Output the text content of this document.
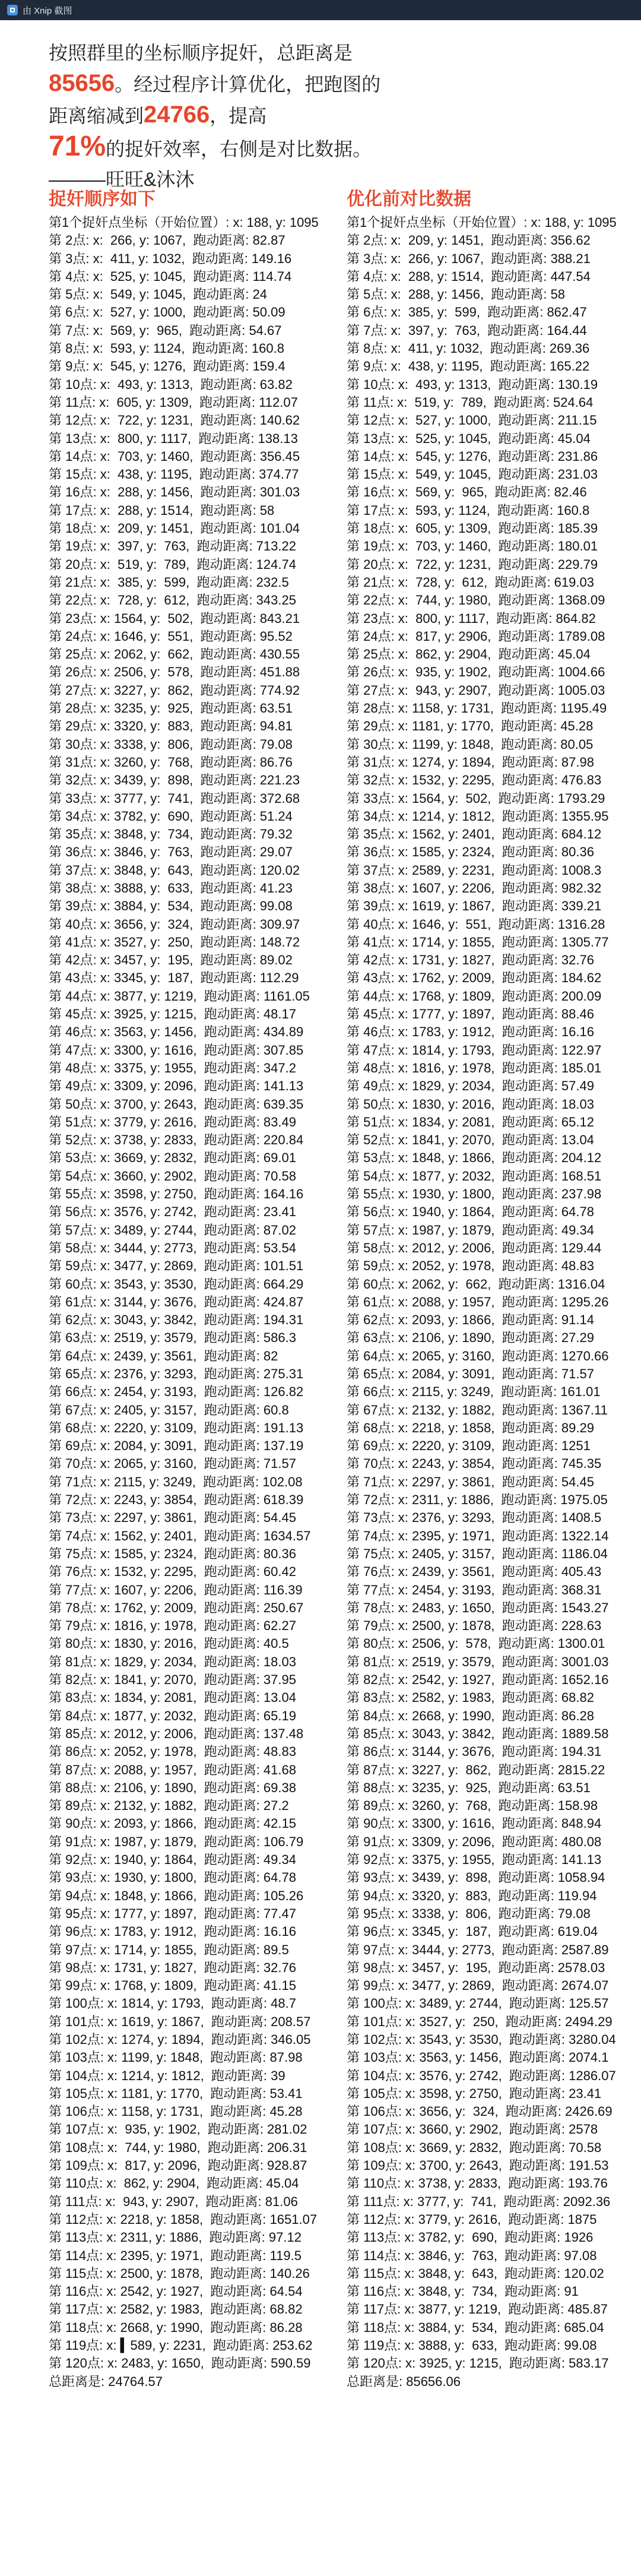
由 Xnip 截图
按照群里的坐标顺序捉奸，总距离是85656。经过程序计算优化，把跑图的距离缩减到24766，提高
71%的捉奸效率，右侧是对比数据。———旺旺&沐沐
捉奸顺序如下
第1个捉奸点坐标（开始位置）: x: 188, y: 1095
第 2点: x:  266, y: 1067,  跑动距离: 82.87
第 3点: x:  411, y: 1032,  跑动距离: 149.16
第 4点: x:  525, y: 1045,  跑动距离: 114.74
第 5点: x:  549, y: 1045,  跑动距离: 24
第 6点: x:  527, y: 1000,  跑动距离: 50.09
第 7点: x:  569, y:  965,  跑动距离: 54.67
第 8点: x:  593, y: 1124,  跑动距离: 160.8
第 9点: x:  545, y: 1276,  跑动距离: 159.4
第 10点: x:  493, y: 1313,  跑动距离: 63.82
第 11点: x:  605, y: 1309,  跑动距离: 112.07
第 12点: x:  722, y: 1231,  跑动距离: 140.62
第 13点: x:  800, y: 1117,  跑动距离: 138.13
第 14点: x:  703, y: 1460,  跑动距离: 356.45
第 15点: x:  438, y: 1195,  跑动距离: 374.77
第 16点: x:  288, y: 1456,  跑动距离: 301.03
第 17点: x:  288, y: 1514,  跑动距离: 58
第 18点: x:  209, y: 1451,  跑动距离: 101.04
第 19点: x:  397, y:  763,  跑动距离: 713.22
第 20点: x:  519, y:  789,  跑动距离: 124.74
第 21点: x:  385, y:  599,  跑动距离: 232.5
第 22点: x:  728, y:  612,  跑动距离: 343.25
第 23点: x: 1564, y:  502,  跑动距离: 843.21
第 24点: x: 1646, y:  551,  跑动距离: 95.52
第 25点: x: 2062, y:  662,  跑动距离: 430.55
第 26点: x: 2506, y:  578,  跑动距离: 451.88
第 27点: x: 3227, y:  862,  跑动距离: 774.92
第 28点: x: 3235, y:  925,  跑动距离: 63.51
第 29点: x: 3320, y:  883,  跑动距离: 94.81
第 30点: x: 3338, y:  806,  跑动距离: 79.08
第 31点: x: 3260, y:  768,  跑动距离: 86.76
第 32点: x: 3439, y:  898,  跑动距离: 221.23
第 33点: x: 3777, y:  741,  跑动距离: 372.68
第 34点: x: 3782, y:  690,  跑动距离: 51.24
第 35点: x: 3848, y:  734,  跑动距离: 79.32
第 36点: x: 3846, y:  763,  跑动距离: 29.07
第 37点: x: 3848, y:  643,  跑动距离: 120.02
第 38点: x: 3888, y:  633,  跑动距离: 41.23
第 39点: x: 3884, y:  534,  跑动距离: 99.08
第 40点: x: 3656, y:  324,  跑动距离: 309.97
第 41点: x: 3527, y:  250,  跑动距离: 148.72
第 42点: x: 3457, y:  195,  跑动距离: 89.02
第 43点: x: 3345, y:  187,  跑动距离: 112.29
第 44点: x: 3877, y: 1219,  跑动距离: 1161.05
第 45点: x: 3925, y: 1215,  跑动距离: 48.17
第 46点: x: 3563, y: 1456,  跑动距离: 434.89
第 47点: x: 3300, y: 1616,  跑动距离: 307.85
第 48点: x: 3375, y: 1955,  跑动距离: 347.2
第 49点: x: 3309, y: 2096,  跑动距离: 141.13
第 50点: x: 3700, y: 2643,  跑动距离: 639.35
第 51点: x: 3779, y: 2616,  跑动距离: 83.49
第 52点: x: 3738, y: 2833,  跑动距离: 220.84
第 53点: x: 3669, y: 2832,  跑动距离: 69.01
第 54点: x: 3660, y: 2902,  跑动距离: 70.58
第 55点: x: 3598, y: 2750,  跑动距离: 164.16
第 56点: x: 3576, y: 2742,  跑动距离: 23.41
第 57点: x: 3489, y: 2744,  跑动距离: 87.02
第 58点: x: 3444, y: 2773,  跑动距离: 53.54
第 59点: x: 3477, y: 2869,  跑动距离: 101.51
第 60点: x: 3543, y: 3530,  跑动距离: 664.29
第 61点: x: 3144, y: 3676,  跑动距离: 424.87
第 62点: x: 3043, y: 3842,  跑动距离: 194.31
第 63点: x: 2519, y: 3579,  跑动距离: 586.3
第 64点: x: 2439, y: 3561,  跑动距离: 82
第 65点: x: 2376, y: 3293,  跑动距离: 275.31
第 66点: x: 2454, y: 3193,  跑动距离: 126.82
第 67点: x: 2405, y: 3157,  跑动距离: 60.8
第 68点: x: 2220, y: 3109,  跑动距离: 191.13
第 69点: x: 2084, y: 3091,  跑动距离: 137.19
第 70点: x: 2065, y: 3160,  跑动距离: 71.57
第 71点: x: 2115, y: 3249,  跑动距离: 102.08
第 72点: x: 2243, y: 3854,  跑动距离: 618.39
第 73点: x: 2297, y: 3861,  跑动距离: 54.45
第 74点: x: 1562, y: 2401,  跑动距离: 1634.57
第 75点: x: 1585, y: 2324,  跑动距离: 80.36
第 76点: x: 1532, y: 2295,  跑动距离: 60.42
第 77点: x: 1607, y: 2206,  跑动距离: 116.39
第 78点: x: 1762, y: 2009,  跑动距离: 250.67
第 79点: x: 1816, y: 1978,  跑动距离: 62.27
第 80点: x: 1830, y: 2016,  跑动距离: 40.5
第 81点: x: 1829, y: 2034,  跑动距离: 18.03
第 82点: x: 1841, y: 2070,  跑动距离: 37.95
第 83点: x: 1834, y: 2081,  跑动距离: 13.04
第 84点: x: 1877, y: 2032,  跑动距离: 65.19
第 85点: x: 2012, y: 2006,  跑动距离: 137.48
第 86点: x: 2052, y: 1978,  跑动距离: 48.83
第 87点: x: 2088, y: 1957,  跑动距离: 41.68
第 88点: x: 2106, y: 1890,  跑动距离: 69.38
第 89点: x: 2132, y: 1882,  跑动距离: 27.2
第 90点: x: 2093, y: 1866,  跑动距离: 42.15
第 91点: x: 1987, y: 1879,  跑动距离: 106.79
第 92点: x: 1940, y: 1864,  跑动距离: 49.34
第 93点: x: 1930, y: 1800,  跑动距离: 64.78
第 94点: x: 1848, y: 1866,  跑动距离: 105.26
第 95点: x: 1777, y: 1897,  跑动距离: 77.47
第 96点: x: 1783, y: 1912,  跑动距离: 16.16
第 97点: x: 1714, y: 1855,  跑动距离: 89.5
第 98点: x: 1731, y: 1827,  跑动距离: 32.76
第 99点: x: 1768, y: 1809,  跑动距离: 41.15
第 100点: x: 1814, y: 1793,  跑动距离: 48.7
第 101点: x: 1619, y: 1867,  跑动距离: 208.57
第 102点: x: 1274, y: 1894,  跑动距离: 346.05
第 103点: x: 1199, y: 1848,  跑动距离: 87.98
第 104点: x: 1214, y: 1812,  跑动距离: 39
第 105点: x: 1181, y: 1770,  跑动距离: 53.41
第 106点: x: 1158, y: 1731,  跑动距离: 45.28
第 107点: x:  935, y: 1902,  跑动距离: 281.02
第 108点: x:  744, y: 1980,  跑动距离: 206.31
第 109点: x:  817, y: 2096,  跑动距离: 928.87
第 110点: x:  862, y: 2904,  跑动距离: 45.04
第 111点: x:  943, y: 2907,  跑动距离: 81.06
第 112点: x: 2218, y: 1858,  跑动距离: 1651.07
第 113点: x: 2311, y: 1886,  跑动距离: 97.12
第 114点: x: 2395, y: 1971,  跑动距离: 119.5
第 115点: x: 2500, y: 1878,  跑动距离: 140.26
第 116点: x: 2542, y: 1927,  跑动距离: 64.54
第 117点: x: 2582, y: 1983,  跑动距离: 68.82
第 118点: x: 2668, y: 1990,  跑动距离: 86.28
第 119点: x: ▍589, y: 2231,  跑动距离: 253.62
第 120点: x: 2483, y: 1650,  跑动距离: 590.59
总距离是: 24764.57
优化前对比数据
第1个捉奸点坐标（开始位置）: x: 188, y: 1095
第 2点: x:  209, y: 1451,  跑动距离: 356.62
第 3点: x:  266, y: 1067,  跑动距离: 388.21
第 4点: x:  288, y: 1514,  跑动距离: 447.54
第 5点: x:  288, y: 1456,  跑动距离: 58
第 6点: x:  385, y:  599,  跑动距离: 862.47
第 7点: x:  397, y:  763,  跑动距离: 164.44
第 8点: x:  411, y: 1032,  跑动距离: 269.36
第 9点: x:  438, y: 1195,  跑动距离: 165.22
第 10点: x:  493, y: 1313,  跑动距离: 130.19
第 11点: x:  519, y:  789,  跑动距离: 524.64
第 12点: x:  527, y: 1000,  跑动距离: 211.15
第 13点: x:  525, y: 1045,  跑动距离: 45.04
第 14点: x:  545, y: 1276,  跑动距离: 231.86
第 15点: x:  549, y: 1045,  跑动距离: 231.03
第 16点: x:  569, y:  965,  跑动距离: 82.46
第 17点: x:  593, y: 1124,  跑动距离: 160.8
第 18点: x:  605, y: 1309,  跑动距离: 185.39
第 19点: x:  703, y: 1460,  跑动距离: 180.01
第 20点: x:  722, y: 1231,  跑动距离: 229.79
第 21点: x:  728, y:  612,  跑动距离: 619.03
第 22点: x:  744, y: 1980,  跑动距离: 1368.09
第 23点: x:  800, y: 1117,  跑动距离: 864.82
第 24点: x:  817, y: 2906,  跑动距离: 1789.08
第 25点: x:  862, y: 2904,  跑动距离: 45.04
第 26点: x:  935, y: 1902,  跑动距离: 1004.66
第 27点: x:  943, y: 2907,  跑动距离: 1005.03
第 28点: x: 1158, y: 1731,  跑动距离: 1195.49
第 29点: x: 1181, y: 1770,  跑动距离: 45.28
第 30点: x: 1199, y: 1848,  跑动距离: 80.05
第 31点: x: 1274, y: 1894,  跑动距离: 87.98
第 32点: x: 1532, y: 2295,  跑动距离: 476.83
第 33点: x: 1564, y:  502,  跑动距离: 1793.29
第 34点: x: 1214, y: 1812,  跑动距离: 1355.95
第 35点: x: 1562, y: 2401,  跑动距离: 684.12
第 36点: x: 1585, y: 2324,  跑动距离: 80.36
第 37点: x: 2589, y: 2231,  跑动距离: 1008.3
第 38点: x: 1607, y: 2206,  跑动距离: 982.32
第 39点: x: 1619, y: 1867,  跑动距离: 339.21
第 40点: x: 1646, y:  551,  跑动距离: 1316.28
第 41点: x: 1714, y: 1855,  跑动距离: 1305.77
第 42点: x: 1731, y: 1827,  跑动距离: 32.76
第 43点: x: 1762, y: 2009,  跑动距离: 184.62
第 44点: x: 1768, y: 1809,  跑动距离: 200.09
第 45点: x: 1777, y: 1897,  跑动距离: 88.46
第 46点: x: 1783, y: 1912,  跑动距离: 16.16
第 47点: x: 1814, y: 1793,  跑动距离: 122.97
第 48点: x: 1816, y: 1978,  跑动距离: 185.01
第 49点: x: 1829, y: 2034,  跑动距离: 57.49
第 50点: x: 1830, y: 2016,  跑动距离: 18.03
第 51点: x: 1834, y: 2081,  跑动距离: 65.12
第 52点: x: 1841, y: 2070,  跑动距离: 13.04
第 53点: x: 1848, y: 1866,  跑动距离: 204.12
第 54点: x: 1877, y: 2032,  跑动距离: 168.51
第 55点: x: 1930, y: 1800,  跑动距离: 237.98
第 56点: x: 1940, y: 1864,  跑动距离: 64.78
第 57点: x: 1987, y: 1879,  跑动距离: 49.34
第 58点: x: 2012, y: 2006,  跑动距离: 129.44
第 59点: x: 2052, y: 1978,  跑动距离: 48.83
第 60点: x: 2062, y:  662,  跑动距离: 1316.04
第 61点: x: 2088, y: 1957,  跑动距离: 1295.26
第 62点: x: 2093, y: 1866,  跑动距离: 91.14
第 63点: x: 2106, y: 1890,  跑动距离: 27.29
第 64点: x: 2065, y: 3160,  跑动距离: 1270.66
第 65点: x: 2084, y: 3091,  跑动距离: 71.57
第 66点: x: 2115, y: 3249,  跑动距离: 161.01
第 67点: x: 2132, y: 1882,  跑动距离: 1367.11
第 68点: x: 2218, y: 1858,  跑动距离: 89.29
第 69点: x: 2220, y: 3109,  跑动距离: 1251
第 70点: x: 2243, y: 3854,  跑动距离: 745.35
第 71点: x: 2297, y: 3861,  跑动距离: 54.45
第 72点: x: 2311, y: 1886,  跑动距离: 1975.05
第 73点: x: 2376, y: 3293,  跑动距离: 1408.5
第 74点: x: 2395, y: 1971,  跑动距离: 1322.14
第 75点: x: 2405, y: 3157,  跑动距离: 1186.04
第 76点: x: 2439, y: 3561,  跑动距离: 405.43
第 77点: x: 2454, y: 3193,  跑动距离: 368.31
第 78点: x: 2483, y: 1650,  跑动距离: 1543.27
第 79点: x: 2500, y: 1878,  跑动距离: 228.63
第 80点: x: 2506, y:  578,  跑动距离: 1300.01
第 81点: x: 2519, y: 3579,  跑动距离: 3001.03
第 82点: x: 2542, y: 1927,  跑动距离: 1652.16
第 83点: x: 2582, y: 1983,  跑动距离: 68.82
第 84点: x: 2668, y: 1990,  跑动距离: 86.28
第 85点: x: 3043, y: 3842,  跑动距离: 1889.58
第 86点: x: 3144, y: 3676,  跑动距离: 194.31
第 87点: x: 3227, y:  862,  跑动距离: 2815.22
第 88点: x: 3235, y:  925,  跑动距离: 63.51
第 89点: x: 3260, y:  768,  跑动距离: 158.98
第 90点: x: 3300, y: 1616,  跑动距离: 848.94
第 91点: x: 3309, y: 2096,  跑动距离: 480.08
第 92点: x: 3375, y: 1955,  跑动距离: 141.13
第 93点: x: 3439, y:  898,  跑动距离: 1058.94
第 94点: x: 3320, y:  883,  跑动距离: 119.94
第 95点: x: 3338, y:  806,  跑动距离: 79.08
第 96点: x: 3345, y:  187,  跑动距离: 619.04
第 97点: x: 3444, y: 2773,  跑动距离: 2587.89
第 98点: x: 3457, y:  195,  跑动距离: 2578.03
第 99点: x: 3477, y: 2869,  跑动距离: 2674.07
第 100点: x: 3489, y: 2744,  跑动距离: 125.57
第 101点: x: 3527, y:  250,  跑动距离: 2494.29
第 102点: x: 3543, y: 3530,  跑动距离: 3280.04
第 103点: x: 3563, y: 1456,  跑动距离: 2074.1
第 104点: x: 3576, y: 2742,  跑动距离: 1286.07
第 105点: x: 3598, y: 2750,  跑动距离: 23.41
第 106点: x: 3656, y:  324,  跑动距离: 2426.69
第 107点: x: 3660, y: 2902,  跑动距离: 2578
第 108点: x: 3669, y: 2832,  跑动距离: 70.58
第 109点: x: 3700, y: 2643,  跑动距离: 191.53
第 110点: x: 3738, y: 2833,  跑动距离: 193.76
第 111点: x: 3777, y:  741,  跑动距离: 2092.36
第 112点: x: 3779, y: 2616,  跑动距离: 1875
第 113点: x: 3782, y:  690,  跑动距离: 1926
第 114点: x: 3846, y:  763,  跑动距离: 97.08
第 115点: x: 3848, y:  643,  跑动距离: 120.02
第 116点: x: 3848, y:  734,  跑动距离: 91
第 117点: x: 3877, y: 1219,  跑动距离: 485.87
第 118点: x: 3884, y:  534,  跑动距离: 685.04
第 119点: x: 3888, y:  633,  跑动距离: 99.08
第 120点: x: 3925, y: 1215,  跑动距离: 583.17
总距离是: 85656.06
